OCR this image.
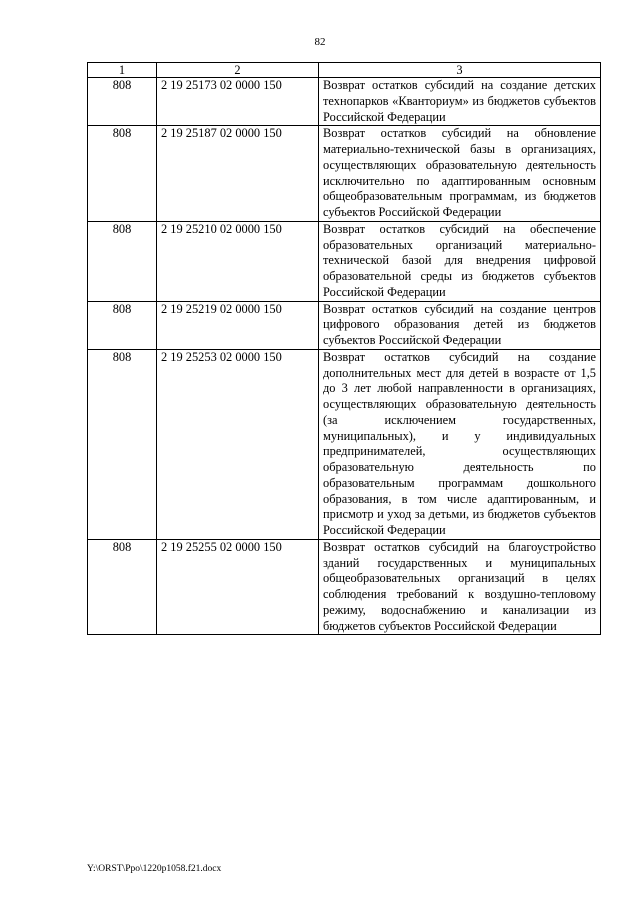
82
1	2	3
808	2 19 25173 02 0000 150	Возврат остатков субсидий на создание детских технопарков «Кванториум» из бюджетов субъектов Российской Федерации
808	2 19 25187 02 0000 150	Возврат остатков субсидий на обновление материально-технической базы в организациях, осуществляющих образовательную деятельность исключительно по адаптированным основным общеобразовательным программам, из бюджетов субъектов Российской Федерации
808	2 19 25210 02 0000 150	Возврат остатков субсидий на обеспечение образовательных организаций материально-технической базой для внедрения цифровой образовательной среды из бюджетов субъектов Российской Федерации
808	2 19 25219 02 0000 150	Возврат остатков субсидий на создание центров цифрового образования детей из бюджетов субъектов Российской Федерации
808	2 19 25253 02 0000 150	Возврат остатков субсидий на создание дополнительных мест для детей в возрасте от 1,5 до 3 лет любой направленности в организациях, осуществляющих образовательную деятельность (за исключением государственных, муниципальных), и у индивидуальных предпринимателей, осуществляющих образовательную деятельность по образовательным программам дошкольного образования, в том числе адаптированным, и присмотр и уход за детьми, из бюджетов субъектов Российской Федерации
808	2 19 25255 02 0000 150	Возврат остатков субсидий на благоустройство зданий государственных и муниципальных общеобразовательных организаций в целях соблюдения требований к воздушно-тепловому режиму, водоснабжению и канализации из бюджетов субъектов Российской Федерации
Y:\ORST\Ppo\1220p1058.f21.docx
